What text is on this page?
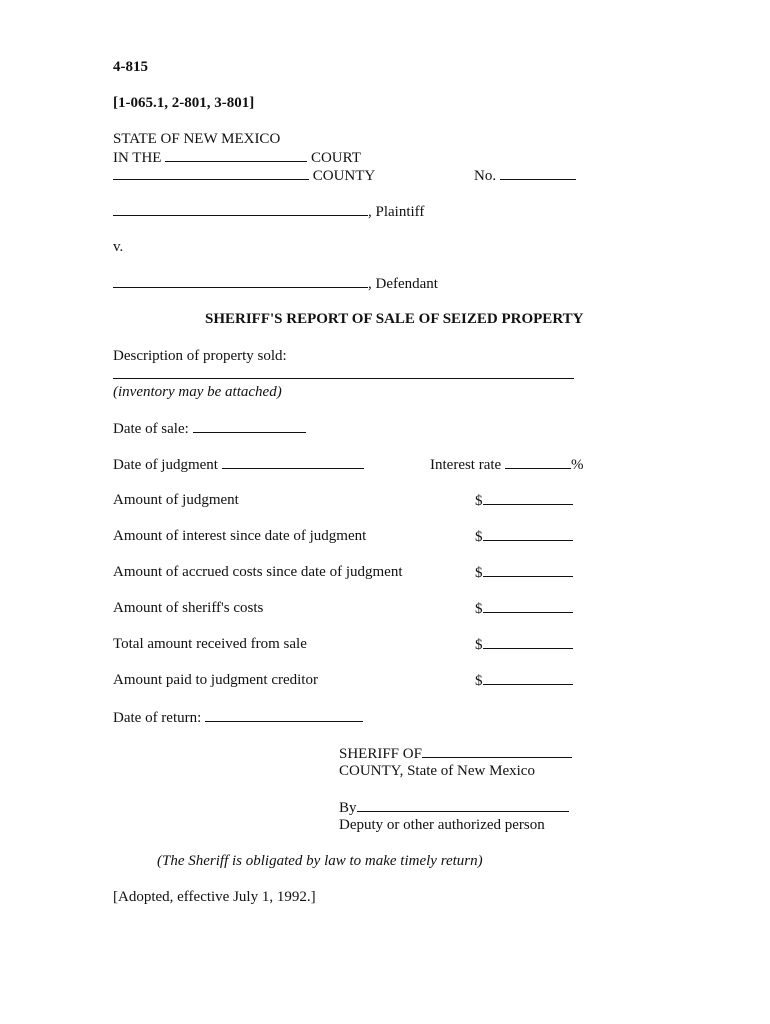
4-815
[1-065.1, 2-801, 3-801]
STATE OF NEW MEXICO
IN THE	COURT
COUNTY	No.
, Plaintiff
v.
, Defendant
SHERIFF'S REPORT OF SALE OF SEIZED PROPERTY
Description of property sold:
(inventory may be attached)
Date of sale:
Date of judgment	Interest rate	%
Amount of judgment	$
Amount of interest since date of judgment	$
Amount of accrued costs since date of judgment	$
Amount of sheriff's costs	$
Total amount received from sale	$
Amount paid to judgment creditor	$
Date of return:
SHERIFF OF
COUNTY, State of New Mexico
By
Deputy or other authorized person
(The Sheriff is obligated by law to make timely return)
[Adopted, effective July 1, 1992.]
